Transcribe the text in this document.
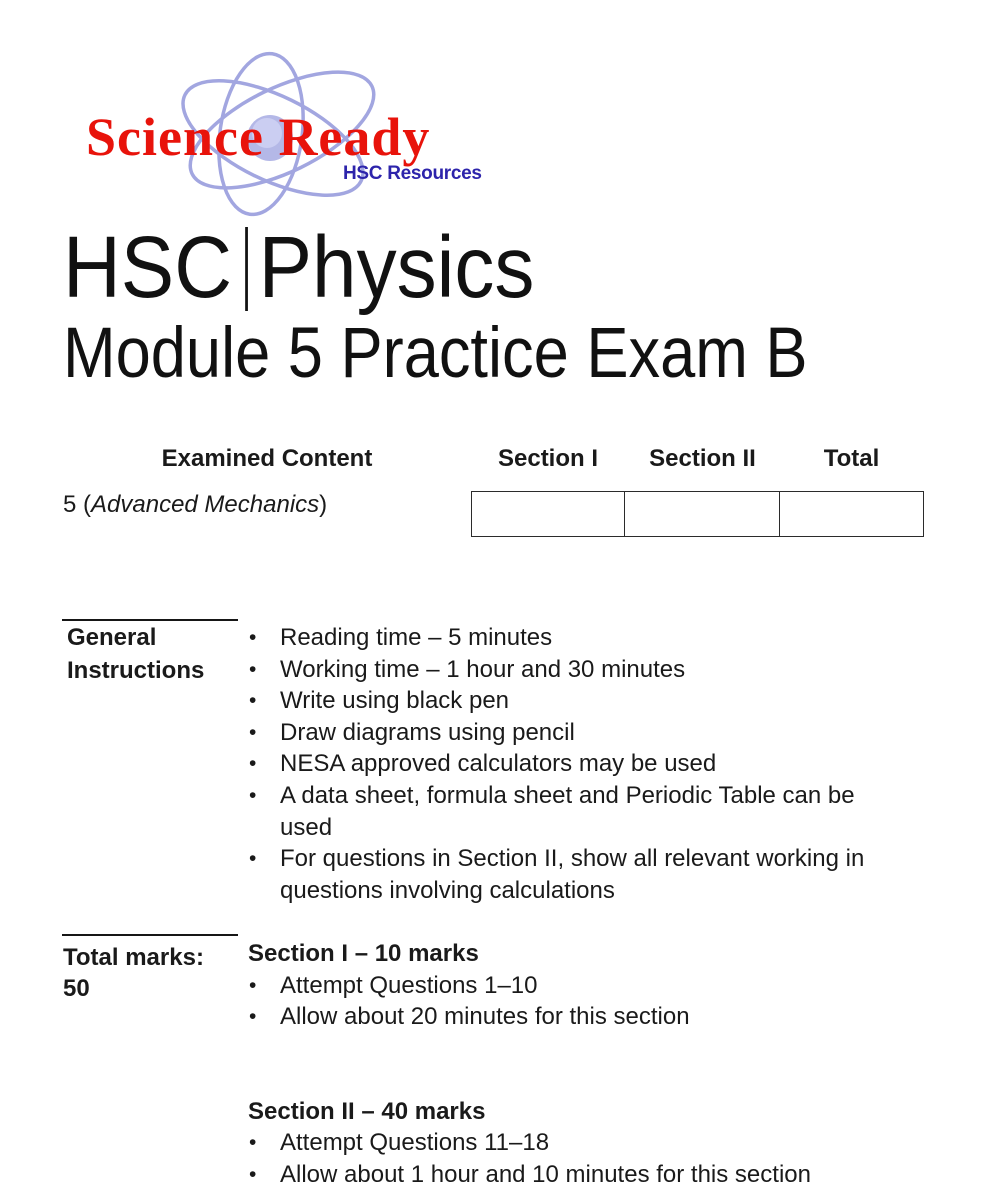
Science Ready
HSC Resources
HSC Physics
Module 5 Practice Exam B
Examined Content	Section I	Section II	Total
5 (Advanced Mechanics)
General
Instructions
• Reading time – 5 minutes
• Working time – 1 hour and 30 minutes
• Write using black pen
• Draw diagrams using pencil
• NESA approved calculators may be used
• A data sheet, formula sheet and Periodic Table can be used
• For questions in Section II, show all relevant working in questions involving calculations
Total marks:
50
Section I – 10 marks
• Attempt Questions 1–10
• Allow about 20 minutes for this section
Section II – 40 marks
• Attempt Questions 11–18
• Allow about 1 hour and 10 minutes for this section
